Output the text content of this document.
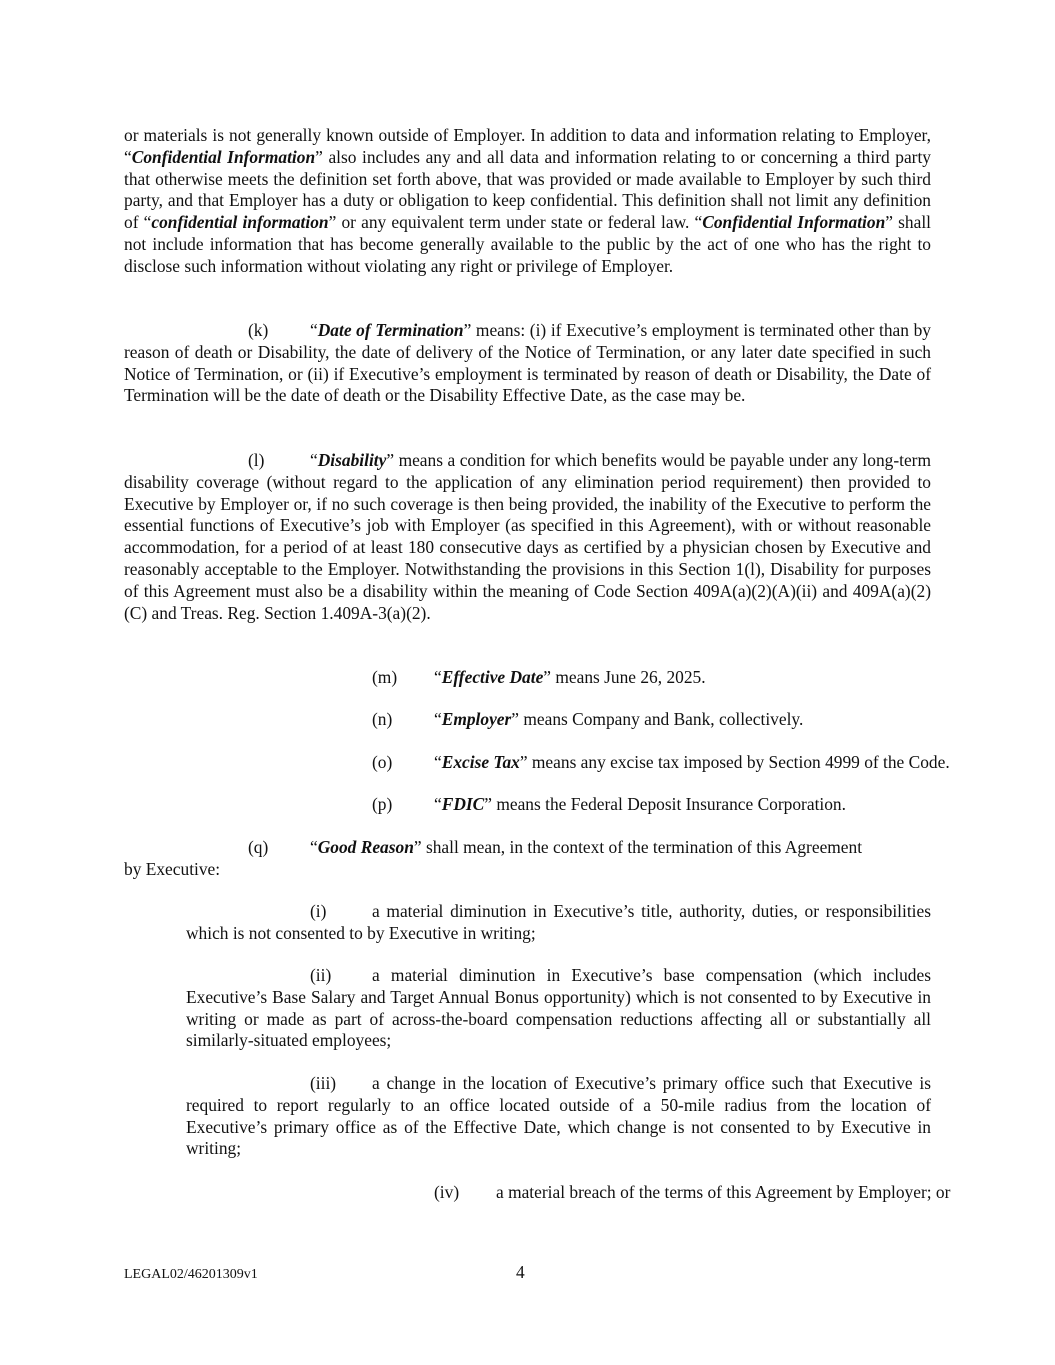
or materials is not generally known outside of Employer. In addition to data and information relating to Employer, “Confidential Information” also includes any and all data and information relating to or concerning a third party that otherwise meets the definition set forth above, that was provided or made available to Employer by such third party, and that Employer has a duty or obligation to keep confidential. This definition shall not limit any definition of “confidential information” or any equivalent term under state or federal law. “Confidential Information” shall not include information that has become generally available to the public by the act of one who has the right to disclose such information without violating any right or privilege of Employer.

(k) “Date of Termination” means: (i) if Executive’s employment is terminated other than by reason of death or Disability, the date of delivery of the Notice of Termination, or any later date specified in such Notice of Termination, or (ii) if Executive’s employment is terminated by reason of death or Disability, the Date of Termination will be the date of death or the Disability Effective Date, as the case may be.

(l)	“Disability” means a condition for which benefits would be payable under any long-term disability coverage (without regard to the application of any elimination period requirement) then provided to Executive by Employer or, if no such coverage is then being provided, the inability of the Executive to perform the essential functions of Executive’s job with Employer (as specified in this Agreement), with or without reasonable accommodation, for a period of at least 180 consecutive days as certified by a physician chosen by Executive and reasonably acceptable to the Employer. Notwithstanding the provisions in this Section 1(l), Disability for purposes of this Agreement must also be a disability within the meaning of Code Section 409A(a)(2)(A)(ii) and 409A(a)(2)(C) and Treas. Reg. Section 1.409A-3(a)(2).

(m) “Effective Date” means June 26, 2025.

(n) “Employer” means Company and Bank, collectively.

(o) “Excise Tax” means any excise tax imposed by Section 4999 of the Code.

(p) “FDIC” means the Federal Deposit Insurance Corporation.

(q) “Good Reason” shall mean, in the context of the termination of this Agreement

by Executive:

(i)	a material diminution in Executive’s title, authority, duties, or responsibilities which is not consented to by Executive in writing;

(ii) a material diminution in Executive’s base compensation (which includes Executive’s Base Salary and Target Annual Bonus opportunity) which is not consented to by Executive in writing or made as part of across-the-board compensation reductions affecting all or substantially all similarly-situated employees;

(iii) a change in the location of Executive’s primary office such that Executive is required to report regularly to an office located outside of a 50-mile radius from the location of Executive’s primary office as of the Effective Date, which change is not consented to by Executive in writing;

(iv) a material breach of the terms of this Agreement by Employer; or

LEGAL02/46201309v1	4
